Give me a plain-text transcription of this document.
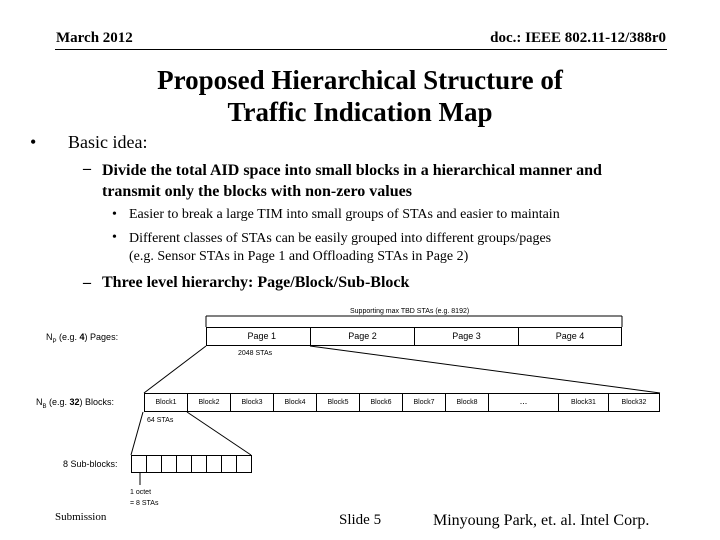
March 2012	doc.: IEEE 802.11-12/388r0
Proposed Hierarchical Structure of
Traffic Indication Map
• Basic idea:
– Divide the total AID space into small blocks in a hierarchical manner and
transmit only the blocks with non-zero values
• Easier to break a large TIM into small groups of STAs and easier to maintain
• Different classes of STAs can be easily grouped into different groups/pages
(e.g. Sensor STAs in Page 1 and Offloading STAs in Page 2)
– Three level hierarchy: Page/Block/Sub-Block
Supporting max TBD STAs (e.g. 8192)
$N_P$ (e.g. 4) Pages:	Page 1	Page 2	Page 3	Page 4
2048 STAs
$N_B$ (e.g. 32) Blocks:	Block1	Block2	Block3	Block4	Block5	Block6	Block7	Block8	...	Block31	Block32
64 STAs
8 Sub-blocks:
1 octet
= 8 STAs
Submission	Slide 5	Minyoung Park, et. al. Intel Corp.
